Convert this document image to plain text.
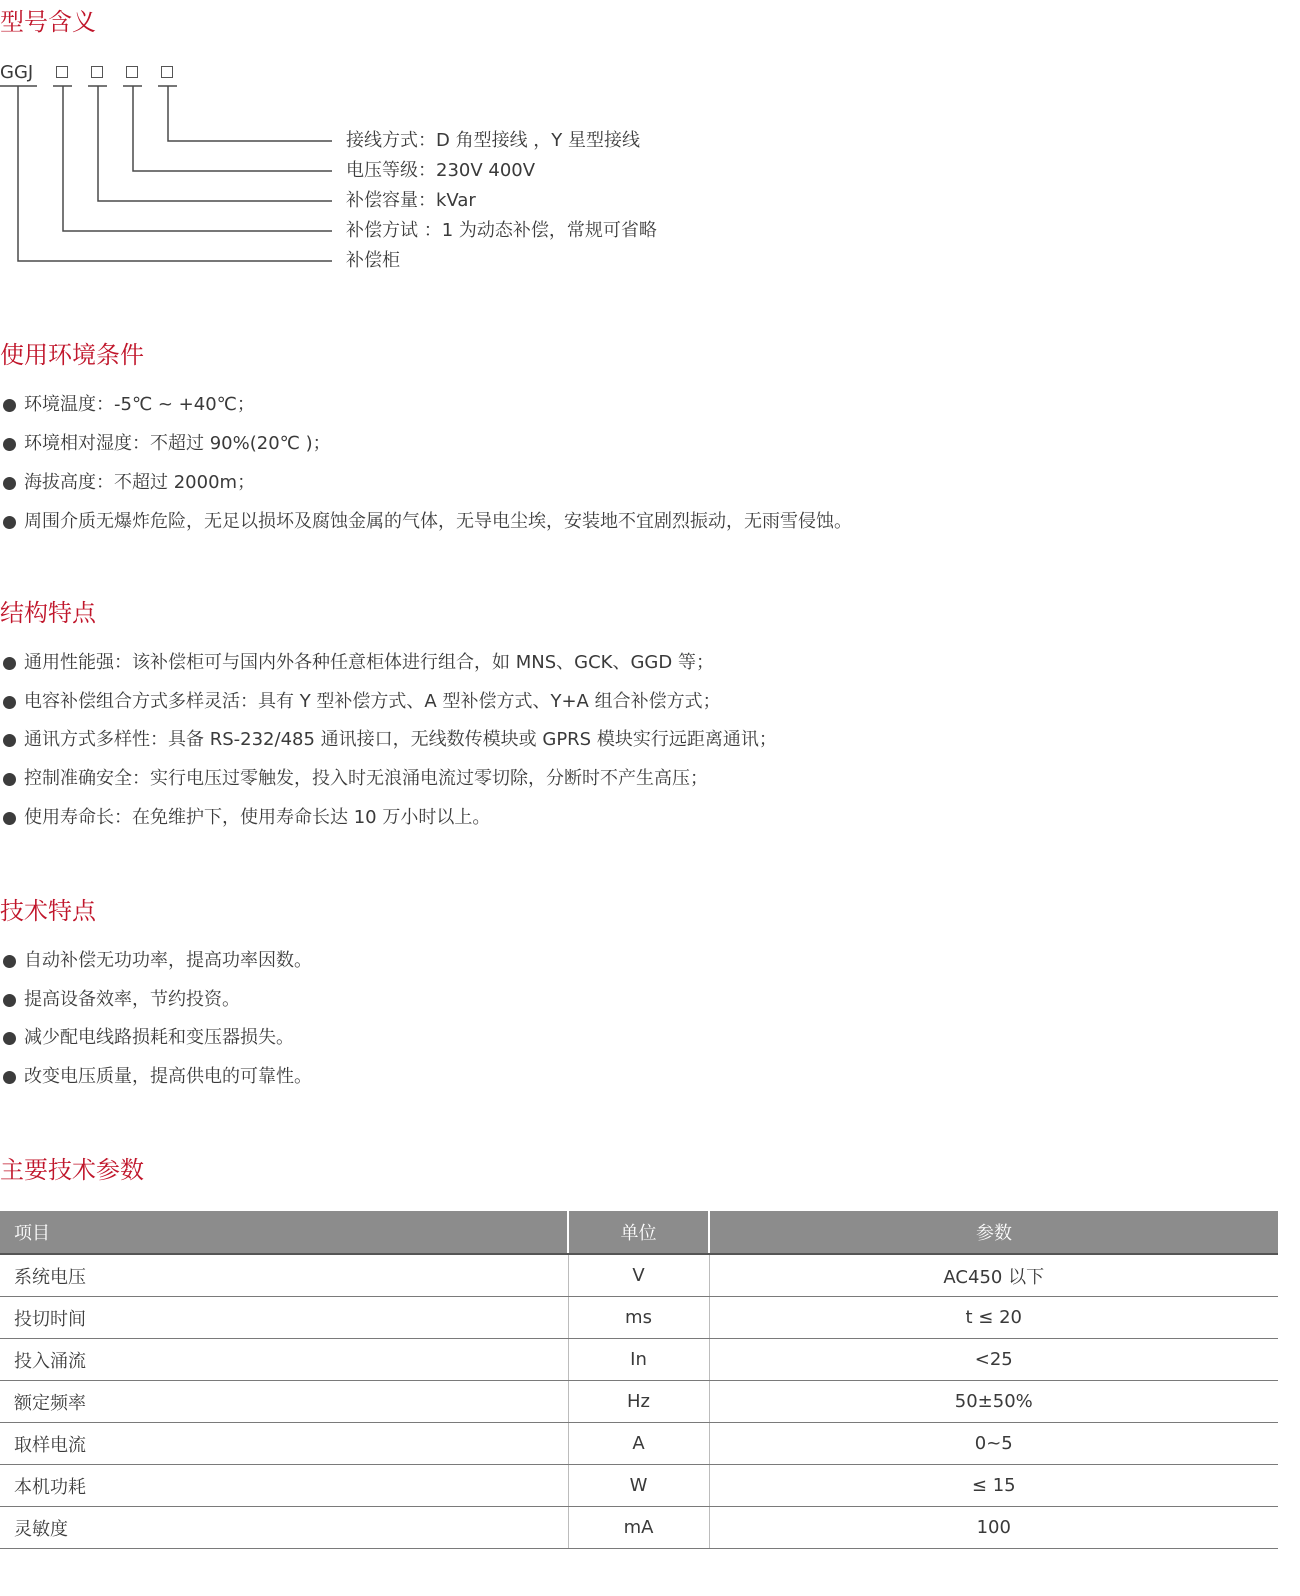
型号含义
GGJ
接线方式：D 角型接线 ，Y 星型接线
电压等级：230V 400V
补偿容量：kVar
补偿方试 ：1 为动态补偿，常规可省略
补偿柜
使用环境条件
环境温度：-5℃ ~ +40℃；
环境相对湿度：不超过 90%(20℃ )；
海拔高度：不超过 2000m；
周围介质无爆炸危险，无足以损坏及腐蚀金属的气体，无导电尘埃，安装地不宜剧烈振动，无雨雪侵蚀。
结构特点
通用性能强：该补偿柜可与国内外各种任意柜体进行组合，如 MNS、GCK、GGD 等；
电容补偿组合方式多样灵活：具有 Y 型补偿方式、A 型补偿方式、Y+A 组合补偿方式；
通讯方式多样性：具备 RS-232/485 通讯接口，无线数传模块或 GPRS 模块实行远距离通讯；
控制准确安全：实行电压过零触发，投入时无浪涌电流过零切除，分断时不产生高压；
使用寿命长：在免维护下，使用寿命长达 10 万小时以上。
技术特点
自动补偿无功功率，提高功率因数。
提高设备效率，节约投资。
减少配电线路损耗和变压器损失。
改变电压质量，提高供电的可靠性。
主要技术参数
项目	单位	参数
系统电压	V	AC450 以下
投切时间	ms	t ≤ 20
投入涌流	In	<25
额定频率	Hz	50±50%
取样电流	A	0~5
本机功耗	W	≤ 15
灵敏度	mA	100
